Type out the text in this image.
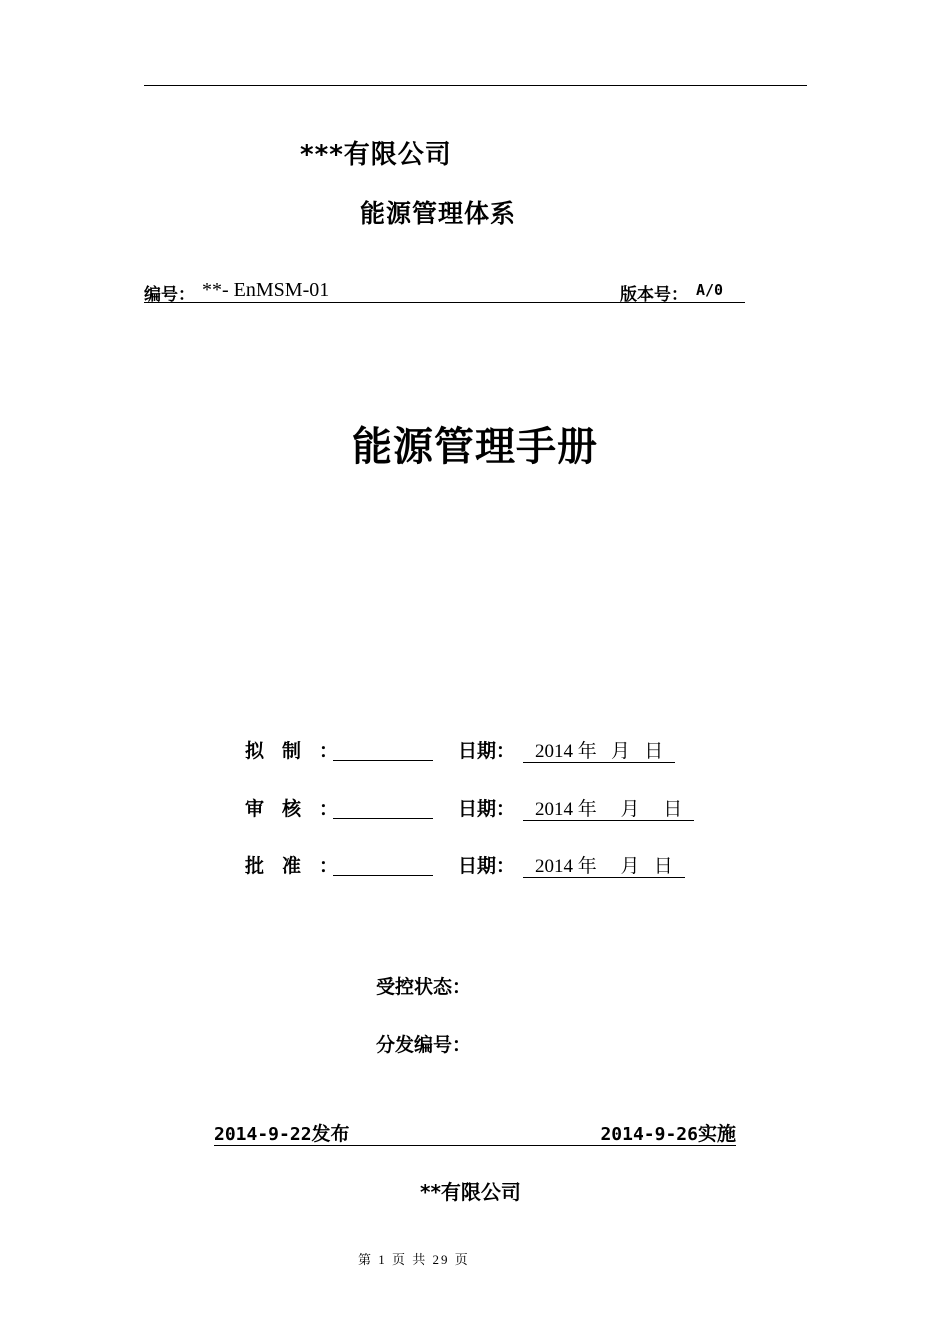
***有限公司
能源管理体系
编号： **- EnMSM-01	版本号： A/0
能源管理手册
拟制：	日期：	2014 年   月   日
审核：	日期：	2014 年     月     日
批准：	日期：	2014 年     月   日
受控状态：
分发编号：
2014-9-22发布	2014-9-26实施
**有限公司
第 1 页 共 29 页
